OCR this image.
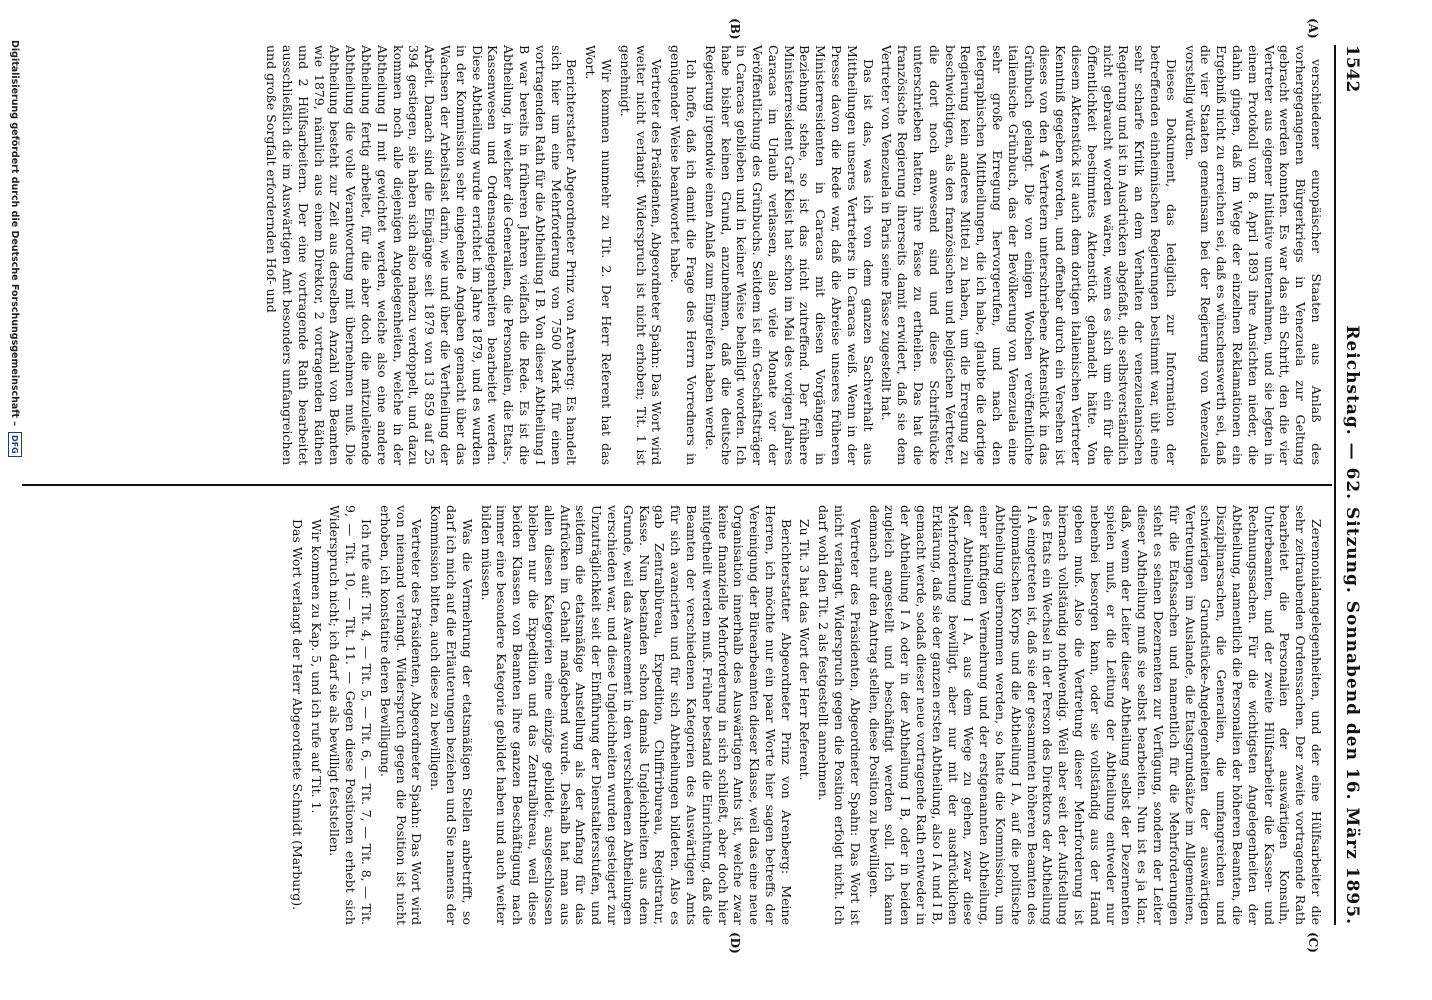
1542
Reichstag. — 62. Sitzung. Sonnabend den 16. März 1895.
(A)
(B)
(C)
(D)

verschiedener europäischer Staaten aus Anlaß des vorhergegangenen Bürgerkriegs in Venezuela zur Geltung gebracht werden konnten. Es war das ein Schritt, den die vier Vertreter aus eigener Initiative unternahmen, und sie legten in einem Protokoll vom 8. April 1893 ihre Ansichten nieder, die dahin gingen, daß im Wege der einzelnen Reklamationen ein Ergebniß nicht zu erreichen sei, daß es wünschenswerth sei, daß die vier Staaten gemeinsam bei der Regierung von Venezuela vorstellig würden.

Dieses Dokument, das lediglich zur Information der betreffenden einheimischen Regierungen bestimmt war, übt eine sehr scharfe Kritik an dem Verhalten der venezuelanischen Regierung und ist in Ausdrücken abgefaßt, die selbstverständlich nicht gebraucht worden wären, wenn es sich um ein für die Öffentlichkeit bestimmtes Aktenstück gehandelt hätte. Von diesem Aktenstück ist auch dem dortigen italienischen Vertreter Kenntniß gegeben worden, und offenbar durch ein Versehen ist dieses von den 4 Vertretern unterschriebene Aktenstück in das Grünbuch gelangt. Die von einigen Wochen veröffentlichte italienische Grünbuch, das der Bevölkerung von Venezuela eine sehr große Erregung hervorgerufen, und nach den telegraphischen Mittheilungen, die ich habe, glaubte die dortige Regierung kein anderes Mittel zu haben, um die Erregung zu beschwichtigen, als den französischen und belgischen Vertreter, die dort noch anwesend sind und diese Schriftstücke unterschrieben hatten, ihre Pässe zu ertheilen. Das hat die französische Regierung ihrerseits damit erwidert, daß sie dem Vertreter von Venezuela in Paris seine Pässe zugestellt hat.

Das ist das, was ich von dem ganzen Sachverhalt aus Mittheilungen unseres Vertreters in Caracas weiß. Wenn in der Presse davon die Rede war, daß die Abreise unseres früheren Ministerresidenten in Caracas mit diesen Vorgängen in Beziehung stehe, so ist das nicht zutreffend. Der frühere Ministerresident Graf Kleist hat schon im Mai des vorigen Jahres Caracas im Urlaub verlassen, also viele Monate vor der Veröffentlichung des Grünbuchs. Seitdem ist ein Geschäftsträger in Caracas geblieben und in keiner Weise behelligt worden. Ich habe bisher keinen Grund, anzunehmen, daß die deutsche Regierung irgendwie einen Anlaß zum Eingreifen haben werde.

Ich hoffe, daß ich damit die Frage des Herrn Vorredners in genügender Weise beantwortet habe.

Vertreter des Präsidenten, Abgeordneter Spahn: Das Wort wird weiter nicht verlangt. Widerspruch ist nicht erhoben; Tit. 1 ist genehmigt.

Wir kommen nunmehr zu Tit. 2. Der Herr Referent hat das Wort.

Berichterstatter Abgeordneter Prinz von Arenberg: Es handelt sich hier um eine Mehrforderung von 7500 Mark für einen vortragenden Rath für die Abtheilung I B. Von dieser Abtheilung I B war bereits in früheren Jahren vielfach die Rede. Es ist die Abtheilung, in welcher die Generalien, die Personalien, die Etats-, Kassenwesen und Ordensangelegenheiten bearbeitet werden. Diese Abtheilung wurde errichtet im Jahre 1879, und es wurden in der Kommission sehr eingehende Angaben gemacht über das Wachsen der Arbeitslast darin, wie und über die Vertheilung der Arbeit. Danach sind die Eingänge seit 1879 von 13 859 auf 25 394 gestiegen, sie haben sich also nahezu verdoppelt, und dazu kommen noch alle diejenigen Angelegenheiten, welche in der Abtheilung II mit gewichtet werden, welche also eine andere Abtheilung fertig arbeitet, für die aber doch die mitzuleitende Abtheilung die volle Verantwortung mit übernehmen muß. Die Abtheilung besteht zur Zeit aus derselben Anzahl von Beamten wie 1879, nämlich aus einem Direktor, 2 vortragenden Räthen und 2 Hülfsarbeitern. Der eine vortragende Rath bearbeitet ausschließlich die im Auswärtigen Amt besonders umfangreichen und große Sorgfalt erfordernden Hof- und

Zeremonialangelegenheiten, und der eine Hülfsarbeiter die sehr zeitraubenden Ordenssachen. Der zweite vortragende Rath bearbeitet die Personalien der auswärtigen Konsuln, Unterbeamten, und der zweite Hülfsarbeiter die Kassen- und Rechnungssachen. Für die wichtigsten Angelegenheiten der Abtheilung, namentlich die Personalien der höheren Beamten, die Disziplinarsachen, die Generalien, die umfangreichen und schwierigen Grundstücke-Angelegenheiten der auswärtigen Vertretungen im Auslande, die Etatsgrundsätze im Allgemeinen, für die Etatssachen und namentlich für die Mehrforderungen steht es seinen Dezernenten zur Verfügung, sondern der Leiter dieser Abtheilung muß sie selbst bearbeiten. Nun ist es ja klar, daß, wenn der Leiter dieser Abtheilung selbst der Dezernenten spielen muß, er die Leitung der Abtheilung entweder nur nebenbei besorgen kann, oder sie vollständig aus der Hand geben muß. Also die Vertretung dieser Mehrforderung ist hiernach vollständig nothwendig. Weil aber seit der Aufstellung des Etats ein Wechsel in der Person des Direktors der Abtheilung I A eingetreten ist, daß sie der gesammten höheren Beamten des diplomatischen Korps und die Abtheilung I A, auf die politische Abtheilung übernommen werden, so hatte die Kommission, um einer künftigen Vermehrung und der erstgenannten Abtheilung, der Abtheilung I A, aus dem Wege zu gehen, zwar diese Mehrforderung bewilligt, aber nur mit der ausdrücklichen Erklärung, daß sie der ganzen ersten Abtheilung, also I A und I B, gemacht werde, sodaß dieser neue vortragende Rath entweder in der Abtheilung I A oder in der Abtheilung I B, oder in beiden zugleich angestellt und beschäftigt werden soll. Ich kann demnach nur den Antrag stellen, diese Position zu bewilligen.

Vertreter des Präsidenten, Abgeordneter Spahn: Das Wort ist nicht verlangt. Widerspruch gegen die Position erfolgt nicht. Ich darf wohl den Tit. 2 als festgestellt annehmen.

Zu Tit. 3 hat das Wort der Herr Referent.

Berichterstatter Abgeordneter Prinz von Arenberg: Meine Herren, ich möchte nur ein paar Worte hier sagen betreffs der Vereinigung der Bürearbeamten dieser Klasse, weil das eine neue Organisation innerhalb des Auswärtigen Amts ist, welche zwar keine finanzielle Mehrforderung in sich schließt, aber doch hier mitgetheilt werden muß. Früher bestand die Einrichtung, daß die Beamten der verschiedenen Kategorien des Auswärtigen Amts für sich avancirten und für sich Abtheilungen bildeten. Also es gab Zentralbüreau, Expedition, Chiffrirbureau, Registratur, Kasse. Nun bestanden schon damals Ungleichheiten aus dem Grunde, weil das Avancement in den verschiedenen Abtheilungen verschieden war, und diese Ungleichheiten wurden gesteigert zur Unzuträglichkeit seit der Einführung der Dienstaltersstufen, und seitdem die etatsmäßige Anstellung als der Anfang für das Aufrücken im Gehalt maßgebend wurde. Deshalb hat man aus allen diesen Kategorien eine einzige gebildet; ausgeschlossen bleiben nur die Expedition und das Zentralbüreau, weil diese beiden Klassen von Beamten ihre ganzen Beschäftigung nach immer eine besondere Kategorie gebildet haben und auch weiter bilden müssen.

Was die Vermehrung der etatsmäßigen Stellen anbetrifft, so darf ich mich auf die Erläuterungen beziehen und Sie namens der Kommission bitten, auch diese zu bewilligen.

Vertreter des Präsidenten, Abgeordneter Spahn: Das Wort wird von niemand verlangt. Widerspruch gegen die Position ist nicht erhoben, ich konstatire deren Bewilligung.

Ich rufe auf: Tit. 4, — Tit. 5, — Tit. 6, — Tit. 7, — Tit. 8, — Tit. 9, — Tit. 10, — Tit. 11. — Gegen diese Positionen erhebt sich Widerspruch nicht; ich darf sie als bewilligt feststellen.

Wir kommen zu Kap. 5, und ich rufe auf Tit. 1.

Das Wort verlangt der Herr Abgeordnete Schmidt (Marburg).

Digitalisierung gefördert durch die Deutsche Forschungsgemeinschaft –
DFG
